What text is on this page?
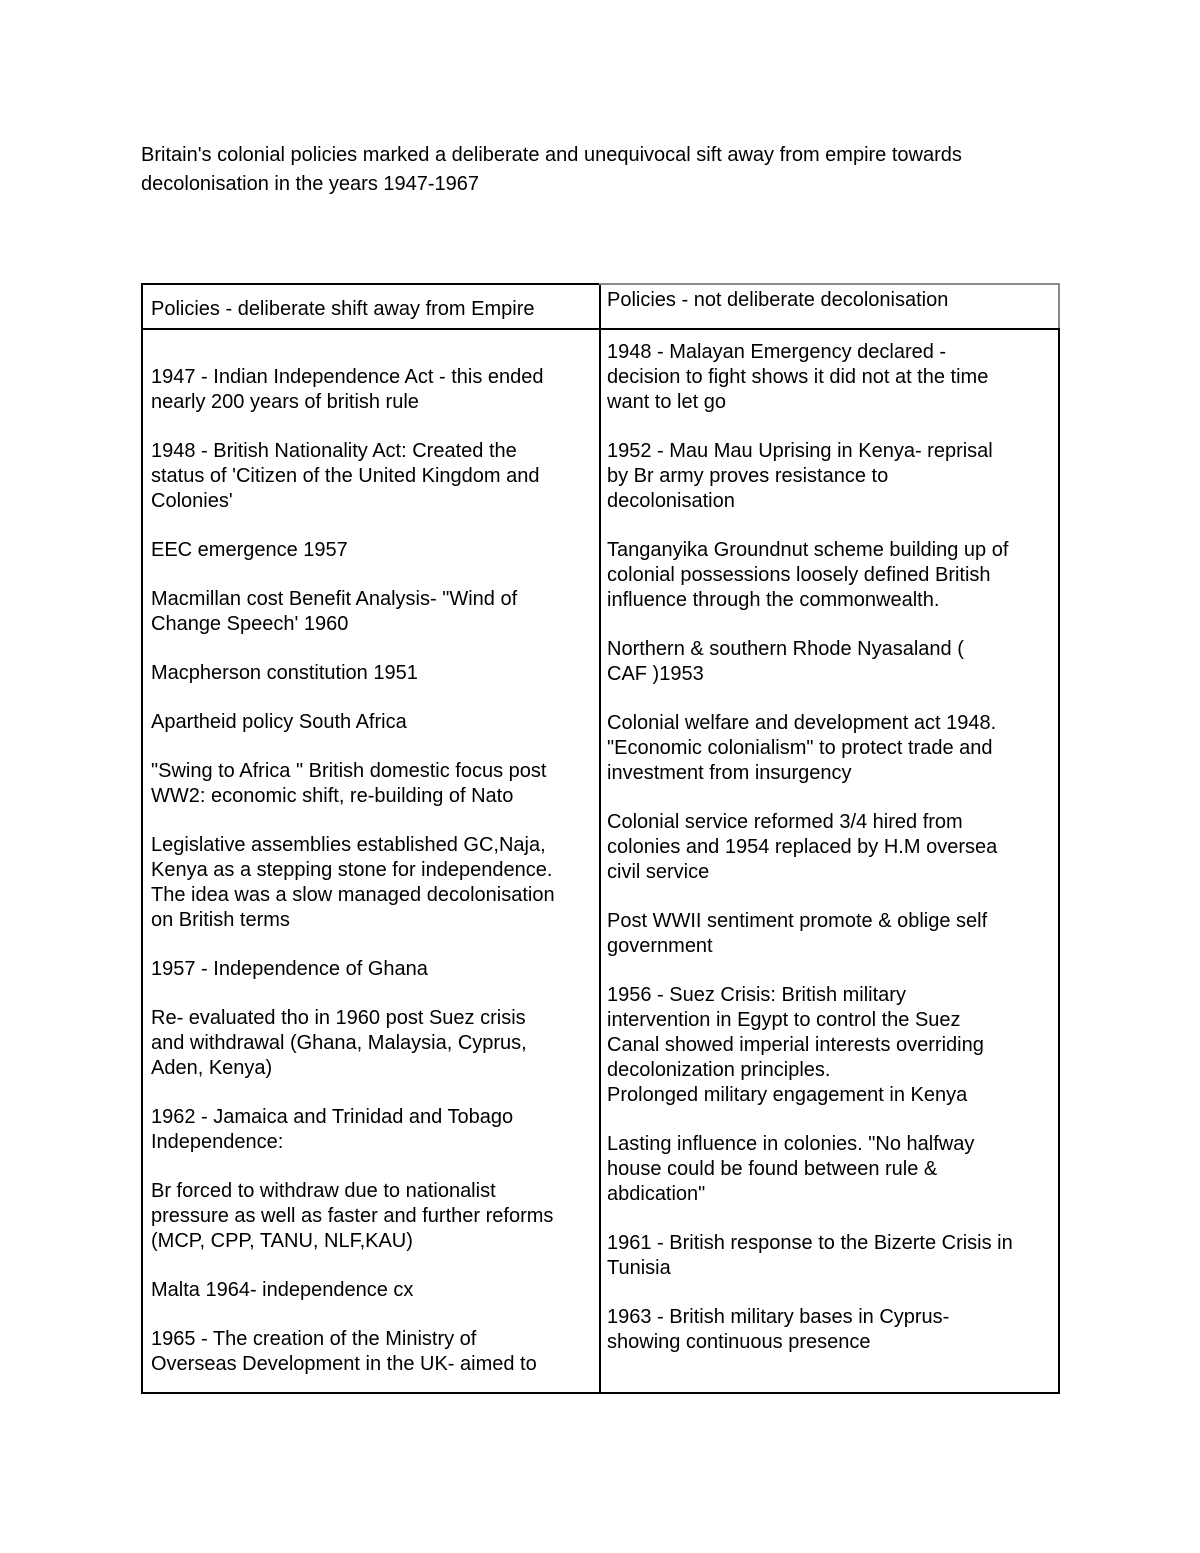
Britain's colonial policies marked a deliberate and unequivocal sift away from empire towards decolonisation in the years 1947-1967
Policies - deliberate shift away from Empire	Policies - not deliberate decolonisation

1947 - Indian Independence Act - this ended
nearly 200 years of british rule

1948 - British Nationality Act: Created the
status of 'Citizen of the United Kingdom and
Colonies'

EEC emergence 1957

Macmillan cost Benefit Analysis- "Wind of
Change Speech' 1960

Macpherson constitution 1951

Apartheid policy South Africa

"Swing to Africa " British domestic focus post
WW2: economic shift, re-building of Nato

Legislative assemblies established GC,Naja,
Kenya as a stepping stone for independence.
The idea was a slow managed decolonisation
on British terms

1957 - Independence of Ghana

Re- evaluated tho in 1960 post Suez crisis
and withdrawal (Ghana, Malaysia, Cyprus,
Aden, Kenya)

1962 - Jamaica and Trinidad and Tobago
Independence:

Br forced to withdraw due to nationalist
pressure as well as faster and further reforms
(MCP, CPP, TANU, NLF,KAU)

Malta 1964- independence cx

1965 - The creation of the Ministry of
Overseas Development in the UK- aimed to

1948 - Malayan Emergency declared -
decision to fight shows it did not at the time
want to let go

1952 - Mau Mau Uprising in Kenya- reprisal
by Br army proves resistance to
decolonisation

Tanganyika Groundnut scheme building up of
colonial possessions loosely defined British
influence through the commonwealth.

Northern & southern Rhode Nyasaland (
CAF )1953

Colonial welfare and development act 1948.
"Economic colonialism" to protect trade and
investment from insurgency

Colonial service reformed 3/4 hired from
colonies and 1954 replaced by H.M oversea
civil service

Post WWII sentiment promote & oblige self
government

1956 - Suez Crisis: British military
intervention in Egypt to control the Suez
Canal showed imperial interests overriding
decolonization principles.
Prolonged military engagement in Kenya

Lasting influence in colonies. "No halfway
house could be found between rule &
abdication"

1961 - British response to the Bizerte Crisis in
Tunisia

1963 - British military bases in Cyprus-
showing continuous presence
